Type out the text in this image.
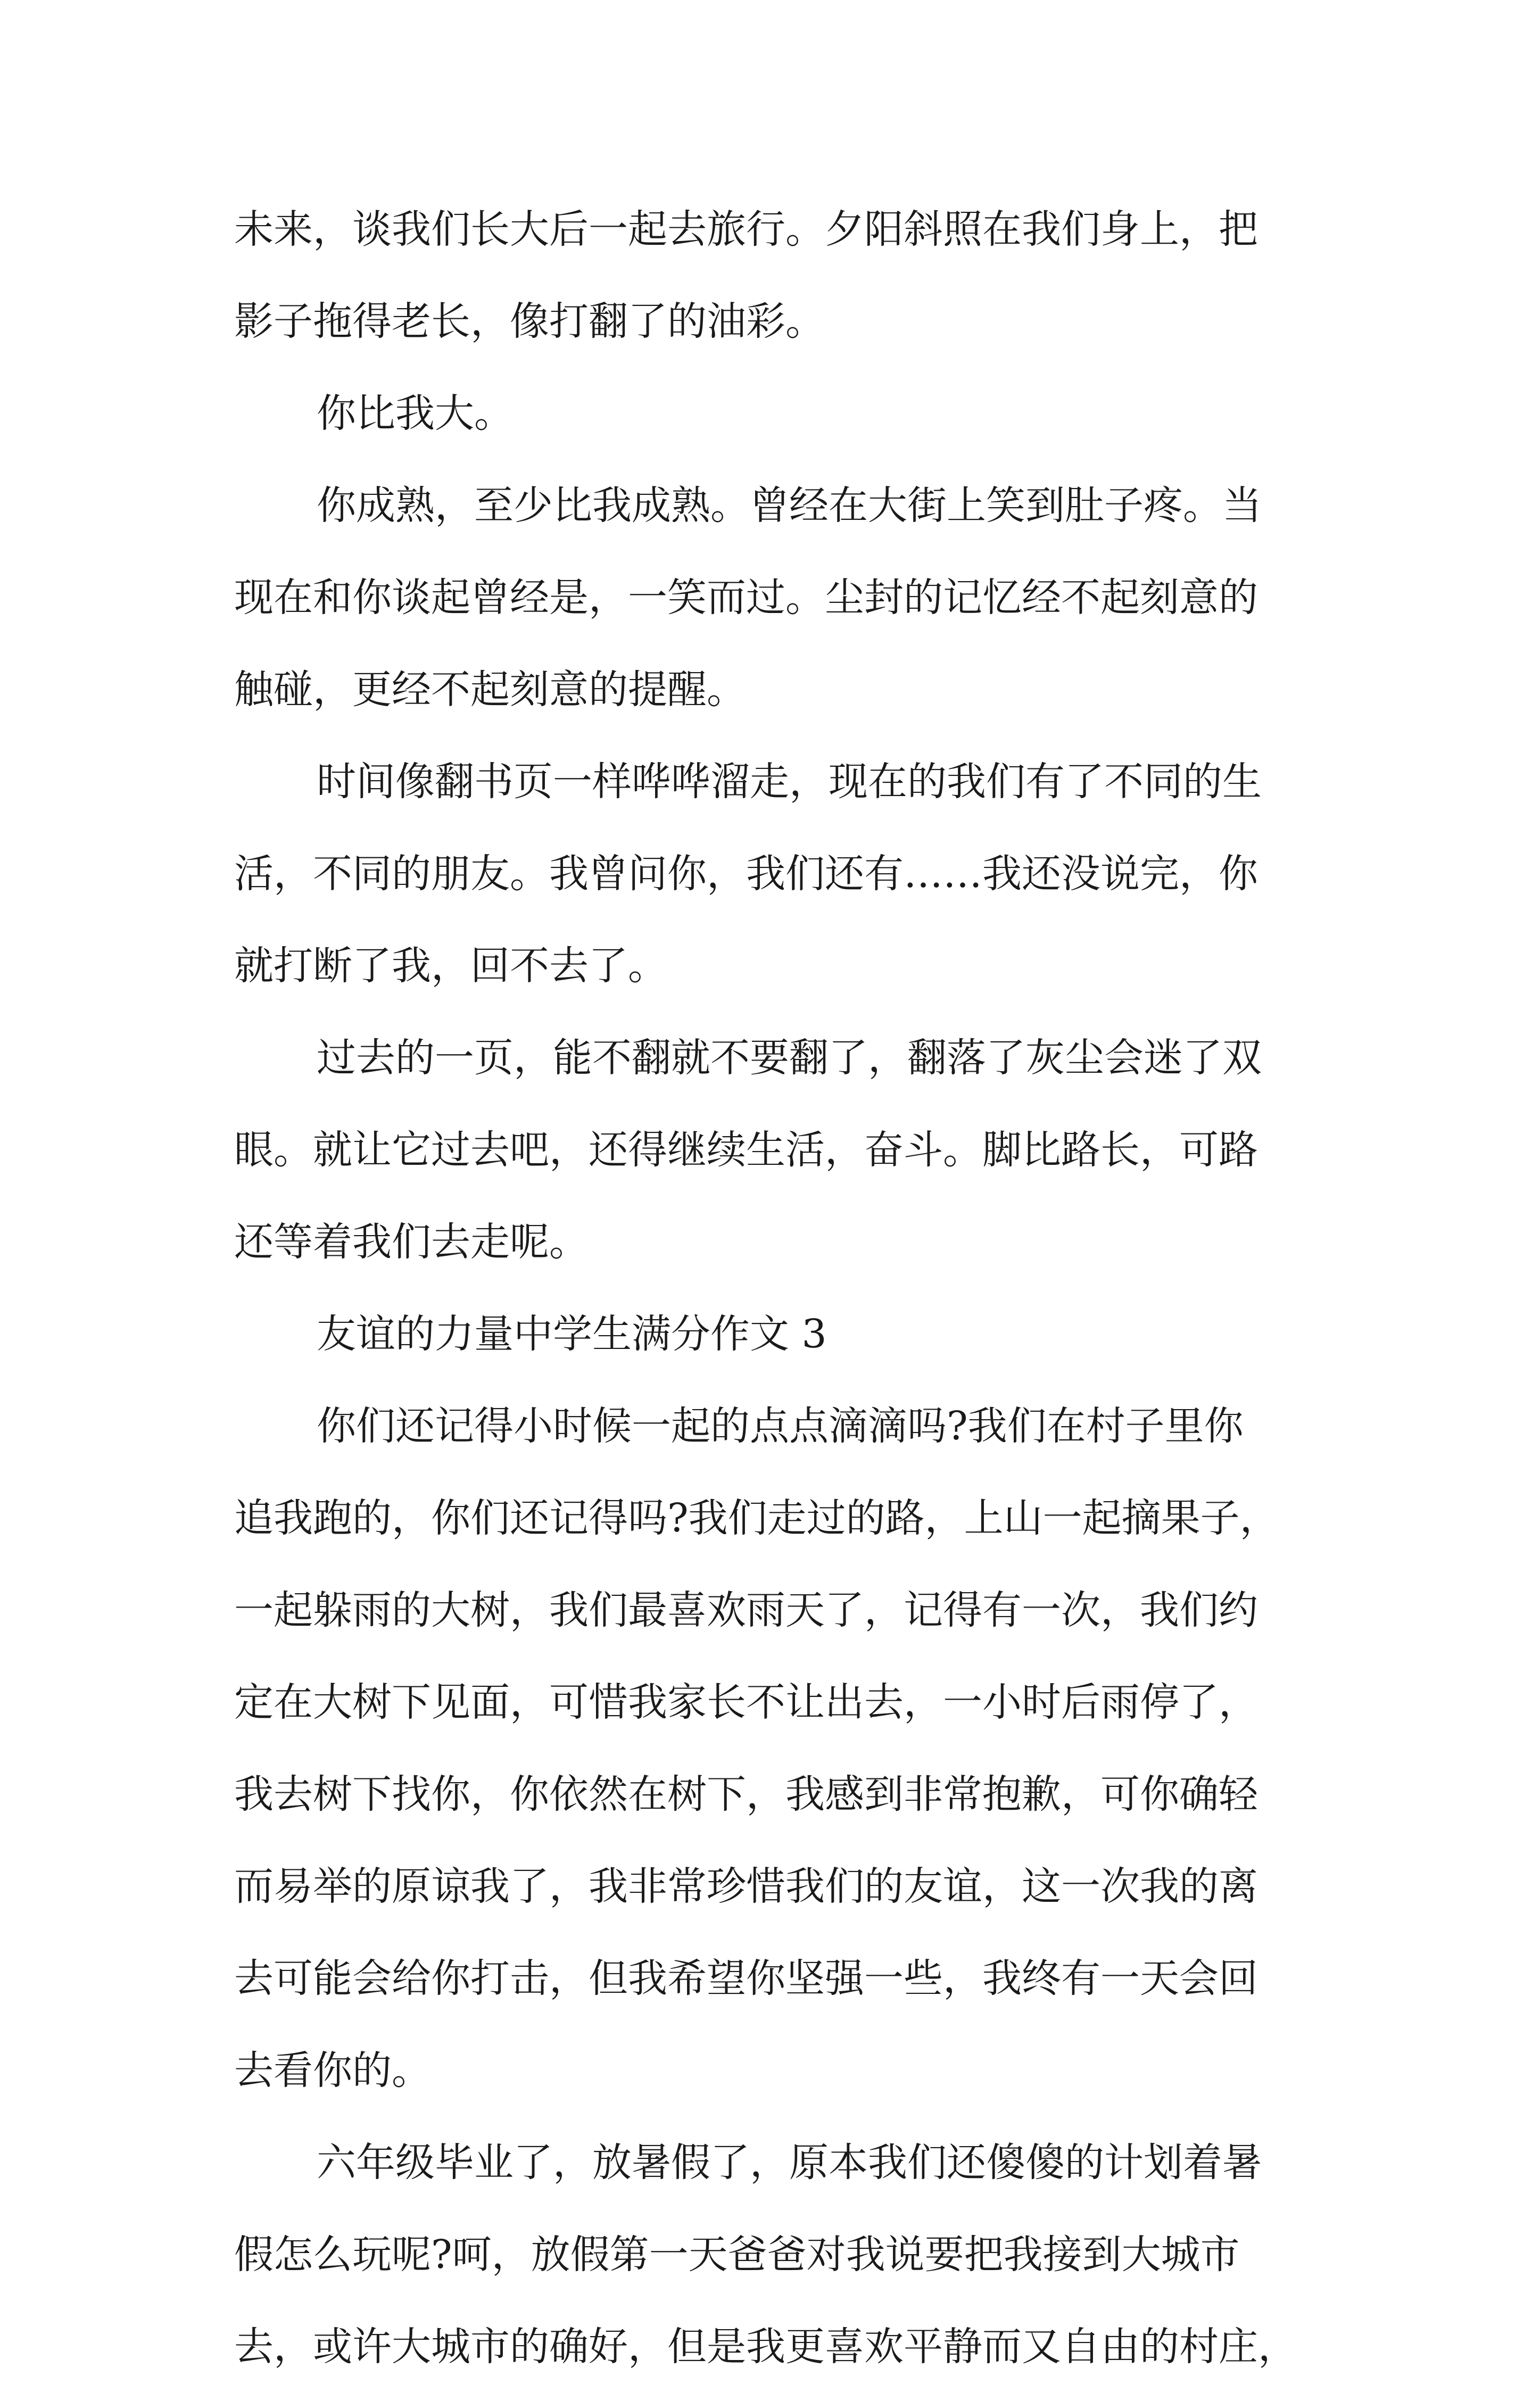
未来，谈我们长大后一起去旅行。夕阳斜照在我们身上，把
影子拖得老长，像打翻了的油彩。
你比我大。
你成熟，至少比我成熟。曾经在大街上笑到肚子疼。当
现在和你谈起曾经是，一笑而过。尘封的记忆经不起刻意的
触碰，更经不起刻意的提醒。
时间像翻书页一样哗哗溜走，现在的我们有了不同的生
活，不同的朋友。我曾问你，我们还有……我还没说完，你
就打断了我，回不去了。
过去的一页，能不翻就不要翻了，翻落了灰尘会迷了双
眼。就让它过去吧，还得继续生活，奋斗。脚比路长，可路
还等着我们去走呢。
友谊的力量中学生满分作文 3
你们还记得小时候一起的点点滴滴吗?我们在村子里你
追我跑的，你们还记得吗?我们走过的路，上山一起摘果子，
一起躲雨的大树，我们最喜欢雨天了，记得有一次，我们约
定在大树下见面，可惜我家长不让出去，一小时后雨停了，
我去树下找你，你依然在树下，我感到非常抱歉，可你确轻
而易举的原谅我了，我非常珍惜我们的友谊，这一次我的离
去可能会给你打击，但我希望你坚强一些，我终有一天会回
去看你的。
六年级毕业了，放暑假了，原本我们还傻傻的计划着暑
假怎么玩呢?呵，放假第一天爸爸对我说要把我接到大城市
去，或许大城市的确好，但是我更喜欢平静而又自由的村庄，
